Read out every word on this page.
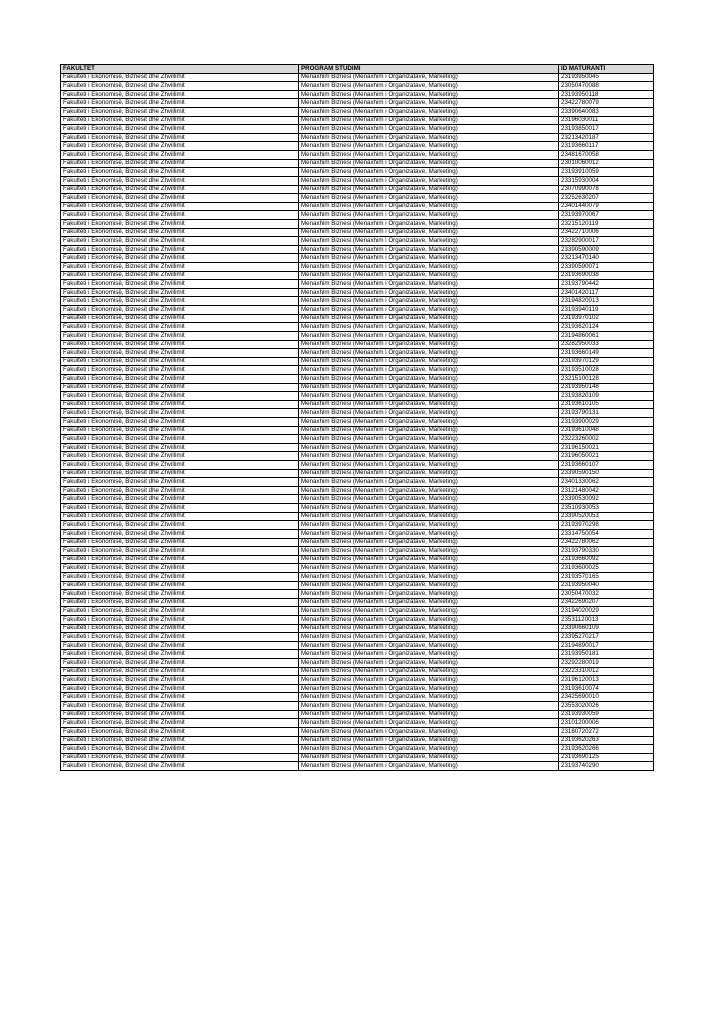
FAKULTET	PROGRAM STUDIMI	ID MATURANTI
Fakulteti i Ekonomisë, Biznesit dhe Zhvillimit	Menaxhim Biznesi (Menaxhim i Organizatave, Marketing)	23193950045
Fakulteti i Ekonomisë, Biznesit dhe Zhvillimit	Menaxhim Biznesi (Menaxhim i Organizatave, Marketing)	23050470088
Fakulteti i Ekonomisë, Biznesit dhe Zhvillimit	Menaxhim Biznesi (Menaxhim i Organizatave, Marketing)	23193950118
Fakulteti i Ekonomisë, Biznesit dhe Zhvillimit	Menaxhim Biznesi (Menaxhim i Organizatave, Marketing)	23422780079
Fakulteti i Ekonomisë, Biznesit dhe Zhvillimit	Menaxhim Biznesi (Menaxhim i Organizatave, Marketing)	23390640083
Fakulteti i Ekonomisë, Biznesit dhe Zhvillimit	Menaxhim Biznesi (Menaxhim i Organizatave, Marketing)	23196030011
Fakulteti i Ekonomisë, Biznesit dhe Zhvillimit	Menaxhim Biznesi (Menaxhim i Organizatave, Marketing)	23193850017
Fakulteti i Ekonomisë, Biznesit dhe Zhvillimit	Menaxhim Biznesi (Menaxhim i Organizatave, Marketing)	23213420187
Fakulteti i Ekonomisë, Biznesit dhe Zhvillimit	Menaxhim Biznesi (Menaxhim i Organizatave, Marketing)	23193660117
Fakulteti i Ekonomisë, Biznesit dhe Zhvillimit	Menaxhim Biznesi (Menaxhim i Organizatave, Marketing)	23481670058
Fakulteti i Ekonomisë, Biznesit dhe Zhvillimit	Menaxhim Biznesi (Menaxhim i Organizatave, Marketing)	23010060012
Fakulteti i Ekonomisë, Biznesit dhe Zhvillimit	Menaxhim Biznesi (Menaxhim i Organizatave, Marketing)	23193910059
Fakulteti i Ekonomisë, Biznesit dhe Zhvillimit	Menaxhim Biznesi (Menaxhim i Organizatave, Marketing)	23315930004
Fakulteti i Ekonomisë, Biznesit dhe Zhvillimit	Menaxhim Biznesi (Menaxhim i Organizatave, Marketing)	23070990078
Fakulteti i Ekonomisë, Biznesit dhe Zhvillimit	Menaxhim Biznesi (Menaxhim i Organizatave, Marketing)	23252630207
Fakulteti i Ekonomisë, Biznesit dhe Zhvillimit	Menaxhim Biznesi (Menaxhim i Organizatave, Marketing)	23401440079
Fakulteti i Ekonomisë, Biznesit dhe Zhvillimit	Menaxhim Biznesi (Menaxhim i Organizatave, Marketing)	23193970067
Fakulteti i Ekonomisë, Biznesit dhe Zhvillimit	Menaxhim Biznesi (Menaxhim i Organizatave, Marketing)	23215120119
Fakulteti i Ekonomisë, Biznesit dhe Zhvillimit	Menaxhim Biznesi (Menaxhim i Organizatave, Marketing)	23422710006
Fakulteti i Ekonomisë, Biznesit dhe Zhvillimit	Menaxhim Biznesi (Menaxhim i Organizatave, Marketing)	23282900017
Fakulteti i Ekonomisë, Biznesit dhe Zhvillimit	Menaxhim Biznesi (Menaxhim i Organizatave, Marketing)	23390590009
Fakulteti i Ekonomisë, Biznesit dhe Zhvillimit	Menaxhim Biznesi (Menaxhim i Organizatave, Marketing)	23213470140
Fakulteti i Ekonomisë, Biznesit dhe Zhvillimit	Menaxhim Biznesi (Menaxhim i Organizatave, Marketing)	23390590071
Fakulteti i Ekonomisë, Biznesit dhe Zhvillimit	Menaxhim Biznesi (Menaxhim i Organizatave, Marketing)	23193690038
Fakulteti i Ekonomisë, Biznesit dhe Zhvillimit	Menaxhim Biznesi (Menaxhim i Organizatave, Marketing)	23193790442
Fakulteti i Ekonomisë, Biznesit dhe Zhvillimit	Menaxhim Biznesi (Menaxhim i Organizatave, Marketing)	23401420117
Fakulteti i Ekonomisë, Biznesit dhe Zhvillimit	Menaxhim Biznesi (Menaxhim i Organizatave, Marketing)	23194820013
Fakulteti i Ekonomisë, Biznesit dhe Zhvillimit	Menaxhim Biznesi (Menaxhim i Organizatave, Marketing)	23193940119
Fakulteti i Ekonomisë, Biznesit dhe Zhvillimit	Menaxhim Biznesi (Menaxhim i Organizatave, Marketing)	23193970102
Fakulteti i Ekonomisë, Biznesit dhe Zhvillimit	Menaxhim Biznesi (Menaxhim i Organizatave, Marketing)	23193620124
Fakulteti i Ekonomisë, Biznesit dhe Zhvillimit	Menaxhim Biznesi (Menaxhim i Organizatave, Marketing)	23194860061
Fakulteti i Ekonomisë, Biznesit dhe Zhvillimit	Menaxhim Biznesi (Menaxhim i Organizatave, Marketing)	23282950033
Fakulteti i Ekonomisë, Biznesit dhe Zhvillimit	Menaxhim Biznesi (Menaxhim i Organizatave, Marketing)	23193660149
Fakulteti i Ekonomisë, Biznesit dhe Zhvillimit	Menaxhim Biznesi (Menaxhim i Organizatave, Marketing)	23193970129
Fakulteti i Ekonomisë, Biznesit dhe Zhvillimit	Menaxhim Biznesi (Menaxhim i Organizatave, Marketing)	23193510028
Fakulteti i Ekonomisë, Biznesit dhe Zhvillimit	Menaxhim Biznesi (Menaxhim i Organizatave, Marketing)	23215100128
Fakulteti i Ekonomisë, Biznesit dhe Zhvillimit	Menaxhim Biznesi (Menaxhim i Organizatave, Marketing)	23193950148
Fakulteti i Ekonomisë, Biznesit dhe Zhvillimit	Menaxhim Biznesi (Menaxhim i Organizatave, Marketing)	23193820109
Fakulteti i Ekonomisë, Biznesit dhe Zhvillimit	Menaxhim Biznesi (Menaxhim i Organizatave, Marketing)	23193610105
Fakulteti i Ekonomisë, Biznesit dhe Zhvillimit	Menaxhim Biznesi (Menaxhim i Organizatave, Marketing)	23193790131
Fakulteti i Ekonomisë, Biznesit dhe Zhvillimit	Menaxhim Biznesi (Menaxhim i Organizatave, Marketing)	23193900029
Fakulteti i Ekonomisë, Biznesit dhe Zhvillimit	Menaxhim Biznesi (Menaxhim i Organizatave, Marketing)	23193610048
Fakulteti i Ekonomisë, Biznesit dhe Zhvillimit	Menaxhim Biznesi (Menaxhim i Organizatave, Marketing)	23223260002
Fakulteti i Ekonomisë, Biznesit dhe Zhvillimit	Menaxhim Biznesi (Menaxhim i Organizatave, Marketing)	23196150021
Fakulteti i Ekonomisë, Biznesit dhe Zhvillimit	Menaxhim Biznesi (Menaxhim i Organizatave, Marketing)	23196050021
Fakulteti i Ekonomisë, Biznesit dhe Zhvillimit	Menaxhim Biznesi (Menaxhim i Organizatave, Marketing)	23193660107
Fakulteti i Ekonomisë, Biznesit dhe Zhvillimit	Menaxhim Biznesi (Menaxhim i Organizatave, Marketing)	23390590150
Fakulteti i Ekonomisë, Biznesit dhe Zhvillimit	Menaxhim Biznesi (Menaxhim i Organizatave, Marketing)	23401330062
Fakulteti i Ekonomisë, Biznesit dhe Zhvillimit	Menaxhim Biznesi (Menaxhim i Organizatave, Marketing)	23121480042
Fakulteti i Ekonomisë, Biznesit dhe Zhvillimit	Menaxhim Biznesi (Menaxhim i Organizatave, Marketing)	23390530092
Fakulteti i Ekonomisë, Biznesit dhe Zhvillimit	Menaxhim Biznesi (Menaxhim i Organizatave, Marketing)	23510930053
Fakulteti i Ekonomisë, Biznesit dhe Zhvillimit	Menaxhim Biznesi (Menaxhim i Organizatave, Marketing)	23390520053
Fakulteti i Ekonomisë, Biznesit dhe Zhvillimit	Menaxhim Biznesi (Menaxhim i Organizatave, Marketing)	23193970298
Fakulteti i Ekonomisë, Biznesit dhe Zhvillimit	Menaxhim Biznesi (Menaxhim i Organizatave, Marketing)	23314750054
Fakulteti i Ekonomisë, Biznesit dhe Zhvillimit	Menaxhim Biznesi (Menaxhim i Organizatave, Marketing)	23422780062
Fakulteti i Ekonomisë, Biznesit dhe Zhvillimit	Menaxhim Biznesi (Menaxhim i Organizatave, Marketing)	23193790330
Fakulteti i Ekonomisë, Biznesit dhe Zhvillimit	Menaxhim Biznesi (Menaxhim i Organizatave, Marketing)	23193660092
Fakulteti i Ekonomisë, Biznesit dhe Zhvillimit	Menaxhim Biznesi (Menaxhim i Organizatave, Marketing)	23193600025
Fakulteti i Ekonomisë, Biznesit dhe Zhvillimit	Menaxhim Biznesi (Menaxhim i Organizatave, Marketing)	23193570165
Fakulteti i Ekonomisë, Biznesit dhe Zhvillimit	Menaxhim Biznesi (Menaxhim i Organizatave, Marketing)	23193950040
Fakulteti i Ekonomisë, Biznesit dhe Zhvillimit	Menaxhim Biznesi (Menaxhim i Organizatave, Marketing)	23050470032
Fakulteti i Ekonomisë, Biznesit dhe Zhvillimit	Menaxhim Biznesi (Menaxhim i Organizatave, Marketing)	23422690207
Fakulteti i Ekonomisë, Biznesit dhe Zhvillimit	Menaxhim Biznesi (Menaxhim i Organizatave, Marketing)	23194020029
Fakulteti i Ekonomisë, Biznesit dhe Zhvillimit	Menaxhim Biznesi (Menaxhim i Organizatave, Marketing)	23531120013
Fakulteti i Ekonomisë, Biznesit dhe Zhvillimit	Menaxhim Biznesi (Menaxhim i Organizatave, Marketing)	23390660109
Fakulteti i Ekonomisë, Biznesit dhe Zhvillimit	Menaxhim Biznesi (Menaxhim i Organizatave, Marketing)	23395270217
Fakulteti i Ekonomisë, Biznesit dhe Zhvillimit	Menaxhim Biznesi (Menaxhim i Organizatave, Marketing)	23194890017
Fakulteti i Ekonomisë, Biznesit dhe Zhvillimit	Menaxhim Biznesi (Menaxhim i Organizatave, Marketing)	23193950181
Fakulteti i Ekonomisë, Biznesit dhe Zhvillimit	Menaxhim Biznesi (Menaxhim i Organizatave, Marketing)	23292280019
Fakulteti i Ekonomisë, Biznesit dhe Zhvillimit	Menaxhim Biznesi (Menaxhim i Organizatave, Marketing)	23223310012
Fakulteti i Ekonomisë, Biznesit dhe Zhvillimit	Menaxhim Biznesi (Menaxhim i Organizatave, Marketing)	23196120013
Fakulteti i Ekonomisë, Biznesit dhe Zhvillimit	Menaxhim Biznesi (Menaxhim i Organizatave, Marketing)	23193610074
Fakulteti i Ekonomisë, Biznesit dhe Zhvillimit	Menaxhim Biznesi (Menaxhim i Organizatave, Marketing)	23425690010
Fakulteti i Ekonomisë, Biznesit dhe Zhvillimit	Menaxhim Biznesi (Menaxhim i Organizatave, Marketing)	23553020026
Fakulteti i Ekonomisë, Biznesit dhe Zhvillimit	Menaxhim Biznesi (Menaxhim i Organizatave, Marketing)	23193930059
Fakulteti i Ekonomisë, Biznesit dhe Zhvillimit	Menaxhim Biznesi (Menaxhim i Organizatave, Marketing)	23101200006
Fakulteti i Ekonomisë, Biznesit dhe Zhvillimit	Menaxhim Biznesi (Menaxhim i Organizatave, Marketing)	23180720272
Fakulteti i Ekonomisë, Biznesit dhe Zhvillimit	Menaxhim Biznesi (Menaxhim i Organizatave, Marketing)	23193620263
Fakulteti i Ekonomisë, Biznesit dhe Zhvillimit	Menaxhim Biznesi (Menaxhim i Organizatave, Marketing)	23193620266
Fakulteti i Ekonomisë, Biznesit dhe Zhvillimit	Menaxhim Biznesi (Menaxhim i Organizatave, Marketing)	23193690125
Fakulteti i Ekonomisë, Biznesit dhe Zhvillimit	Menaxhim Biznesi (Menaxhim i Organizatave, Marketing)	23193740290
